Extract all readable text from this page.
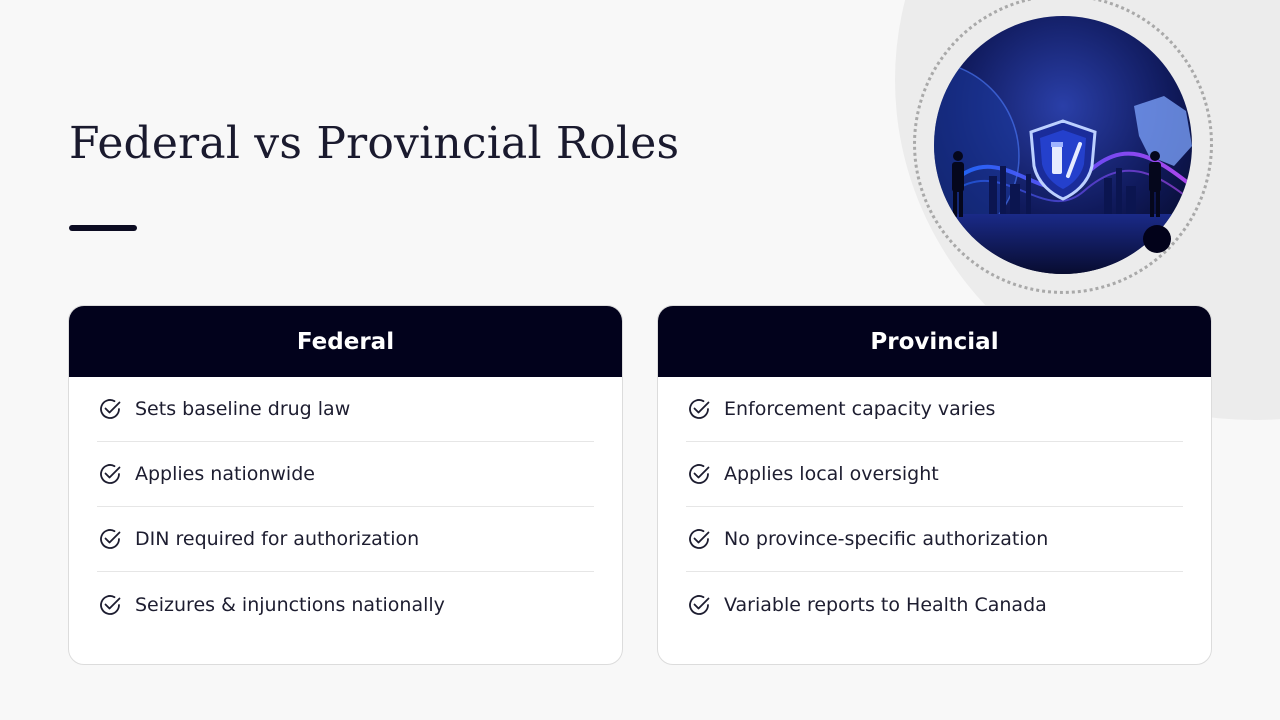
Federal vs Provincial Roles
Federal
Sets baseline drug law
Applies nationwide
DIN required for authorization
Seizures & injunctions nationally
Provincial
Enforcement capacity varies
Applies local oversight
No province-specific authorization
Variable reports to Health Canada
